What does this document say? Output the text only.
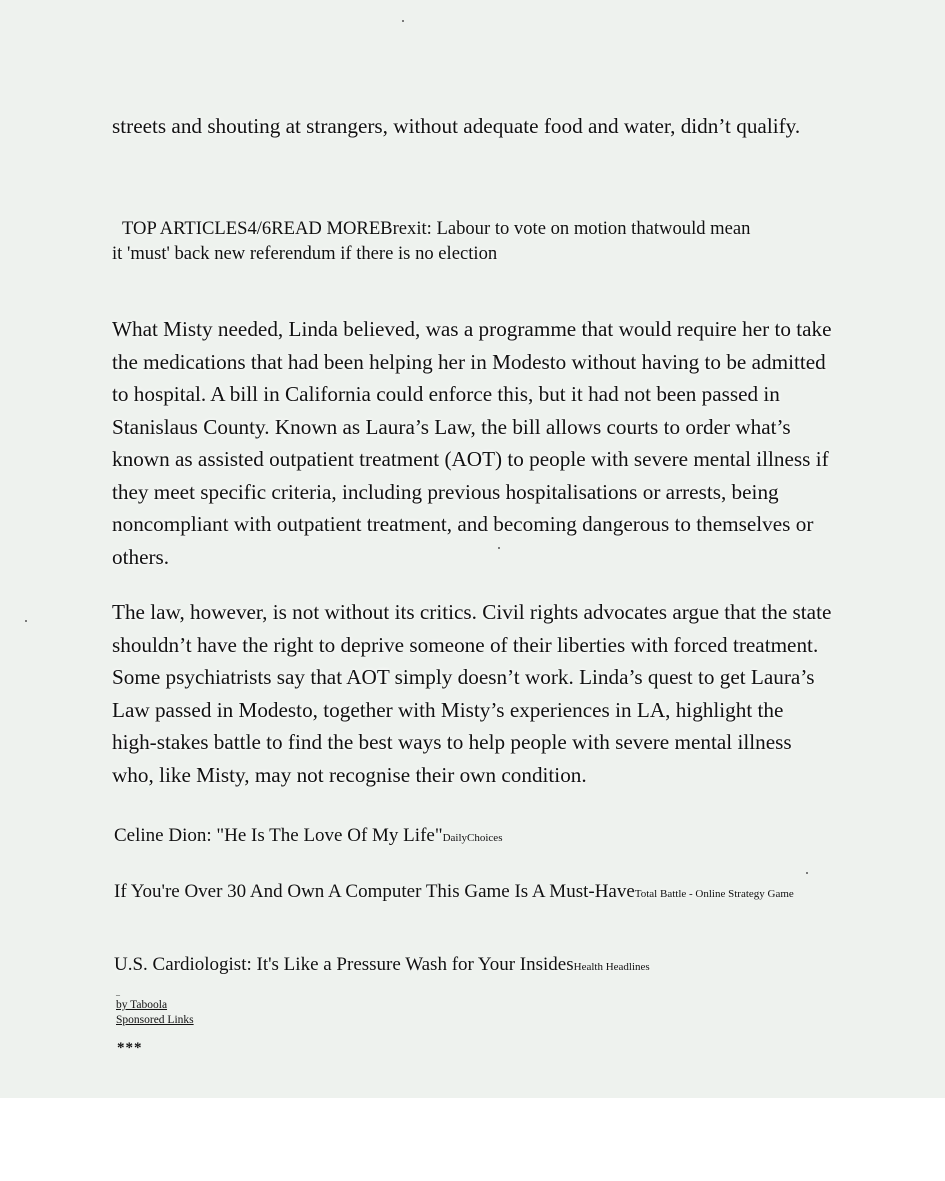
streets and shouting at strangers, without adequate food and water, didn’t qualify.

TOP ARTICLES4/6READ MOREBrexit: Labour to vote on motion thatwould mean
it 'must' back new referendum if there is no election

What Misty needed, Linda believed, was a programme that would require her to take the medications that had been helping her in Modesto without having to be admitted to hospital. A bill in California could enforce this, but it had not been passed in Stanislaus County. Known as Laura’s Law, the bill allows courts to order what’s known as assisted outpatient treatment (AOT) to people with severe mental illness if they meet specific criteria, including previous hospitalisations or arrests, being noncompliant with outpatient treatment, and becoming dangerous to themselves or others.

The law, however, is not without its critics. Civil rights advocates argue that the state shouldn’t have the right to deprive someone of their liberties with forced treatment. Some psychiatrists say that AOT simply doesn’t work. Linda’s quest to get Laura’s Law passed in Modesto, together with Misty’s experiences in LA, highlight the high-stakes battle to find the best ways to help people with severe mental illness who, like Misty, may not recognise their own condition.

Celine Dion: "He Is The Love Of My Life"DailyChoices

If You're Over 30 And Own A Computer This Game Is A Must-HaveTotal Battle - Online Strategy Game

U.S. Cardiologist: It's Like a Pressure Wash for Your InsidesHealth Headlines

–
by Taboola
Sponsored Links
***
